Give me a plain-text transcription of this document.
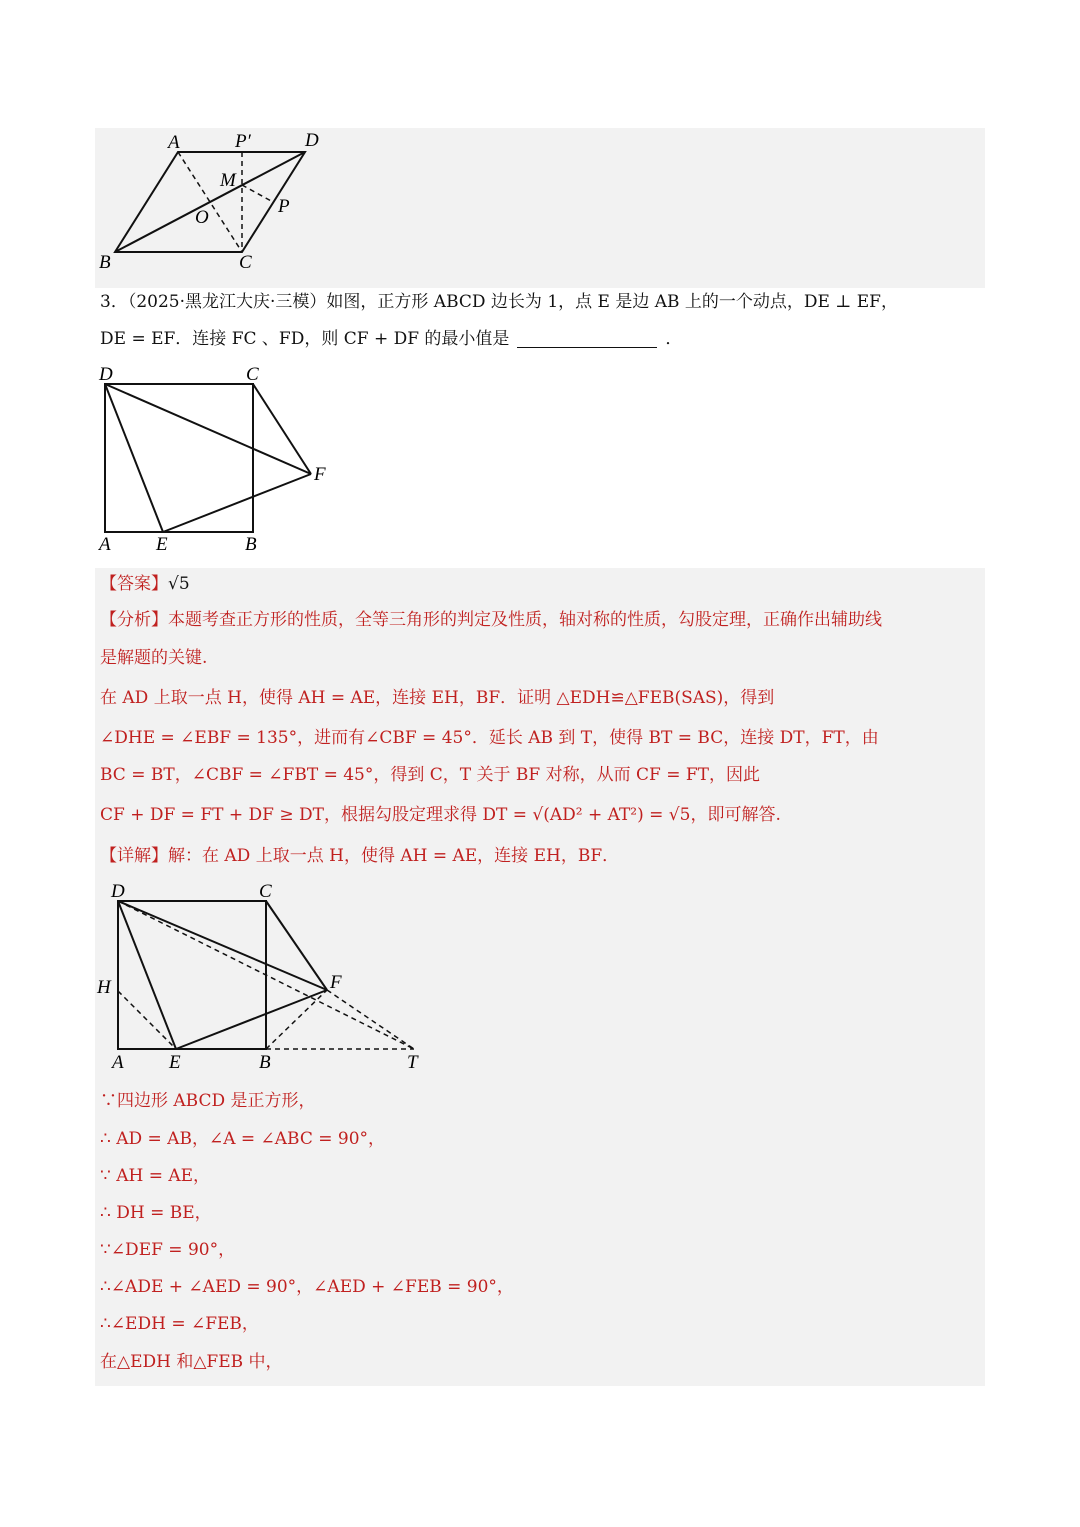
A	P′	D
M
O
P
B	C
3．（2025·黑龙江大庆·三模）如图，正方形 ABCD 边长为 1，点 E 是边 AB 上的一个动点，DE ⊥ EF，
DE = EF．连接 FC 、FD，则 CF + DF 的最小值是	．
D	C
F
A E	B
【答案】√5
【分析】本题考查正方形的性质，全等三角形的判定及性质，轴对称的性质，勾股定理，正确作出辅助线
是解题的关键.
在 AD 上取一点 H，使得 AH = AE，连接 EH，BF．证明 △EDH≌△FEB(SAS)，得到
∠DHE = ∠EBF = 135°，进而有∠CBF = 45°．延长 AB 到 T，使得 BT = BC，连接 DT，FT，由
BC = BT，∠CBF = ∠FBT = 45°，得到 C，T 关于 BF 对称，从而 CF = FT，因此
CF + DF = FT + DF ≥ DT，根据勾股定理求得 DT = √(AD² + AT²) = √5，即可解答.
【详解】解：在 AD 上取一点 H，使得 AH = AE，连接 EH，BF．
D	C
H	F
A E	B	T
∵四边形 ABCD 是正方形，
∴ AD = AB，∠A = ∠ABC = 90°，
∵ AH = AE，
∴ DH = BE，
∵∠DEF = 90°，
∴∠ADE + ∠AED = 90°，∠AED + ∠FEB = 90°，
∴∠EDH = ∠FEB，
在△EDH 和△FEB 中，
